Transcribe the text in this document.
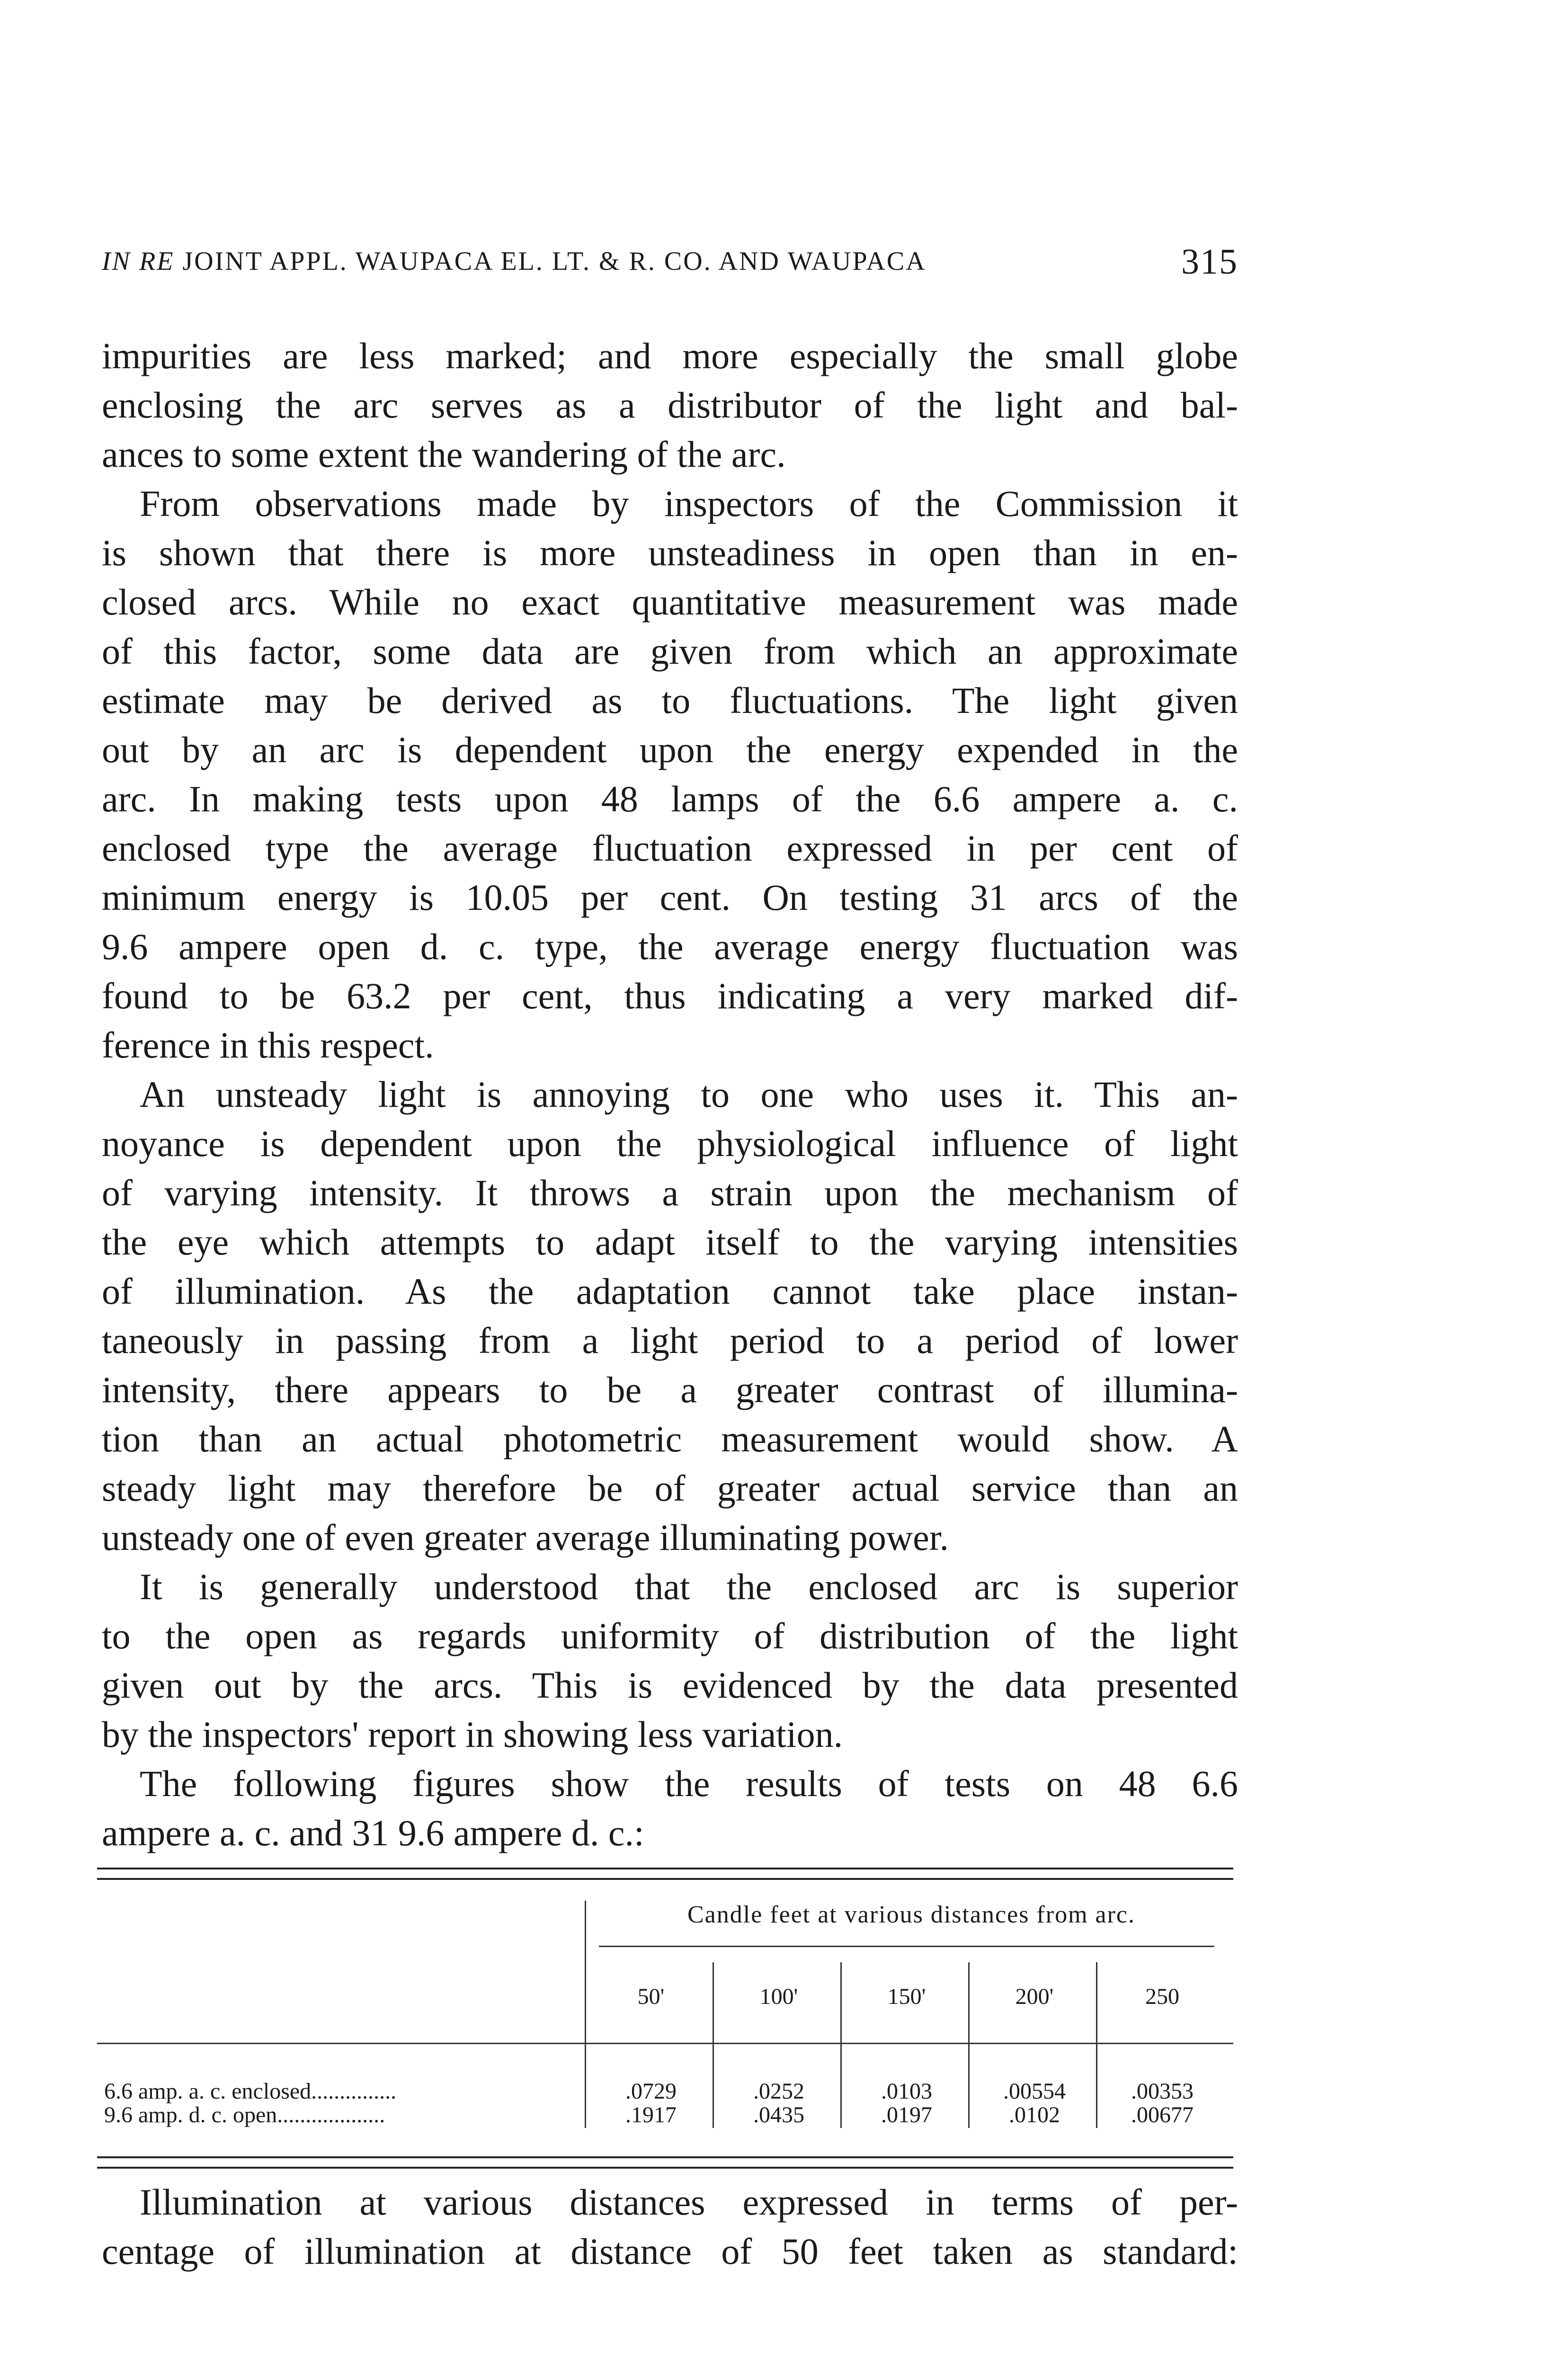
IN RE JOINT APPL. WAUPACA EL. LT. & R. CO. AND WAUPACA	315
impurities are less marked; and more especially the small globe
enclosing the arc serves as a distributor of the light and bal-
ances to some extent the wandering of the arc.
From observations made by inspectors of the Commission it
is shown that there is more unsteadiness in open than in en-
closed arcs. While no exact quantitative measurement was made
of this factor, some data are given from which an approximate
estimate may be derived as to fluctuations. The light given
out by an arc is dependent upon the energy expended in the
arc. In making tests upon 48 lamps of the 6.6 ampere a. c.
enclosed type the average fluctuation expressed in per cent of
minimum energy is 10.05 per cent. On testing 31 arcs of the
9.6 ampere open d. c. type, the average energy fluctuation was
found to be 63.2 per cent, thus indicating a very marked dif-
ference in this respect.
An unsteady light is annoying to one who uses it. This an-
noyance is dependent upon the physiological influence of light
of varying intensity. It throws a strain upon the mechanism of
the eye which attempts to adapt itself to the varying intensities
of illumination. As the adaptation cannot take place instan-
taneously in passing from a light period to a period of lower
intensity, there appears to be a greater contrast of illumina-
tion than an actual photometric measurement would show. A
steady light may therefore be of greater actual service than an
unsteady one of even greater average illuminating power.
It is generally understood that the enclosed arc is superior
to the open as regards uniformity of distribution of the light
given out by the arcs. This is evidenced by the data presented
by the inspectors' report in showing less variation.
The following figures show the results of tests on 48 6.6
ampere a. c. and 31 9.6 ampere d. c.:
Candle feet at various distances from arc.
50'	100'	150'	200'	250
6.6 amp. a. c. enclosed...............	.0729	.0252	.0103	.00554	.00353
9.6 amp. d. c. open...................	.1917	.0435	.0197	.0102	.00677
Illumination at various distances expressed in terms of per-
centage of illumination at distance of 50 feet taken as standard:
